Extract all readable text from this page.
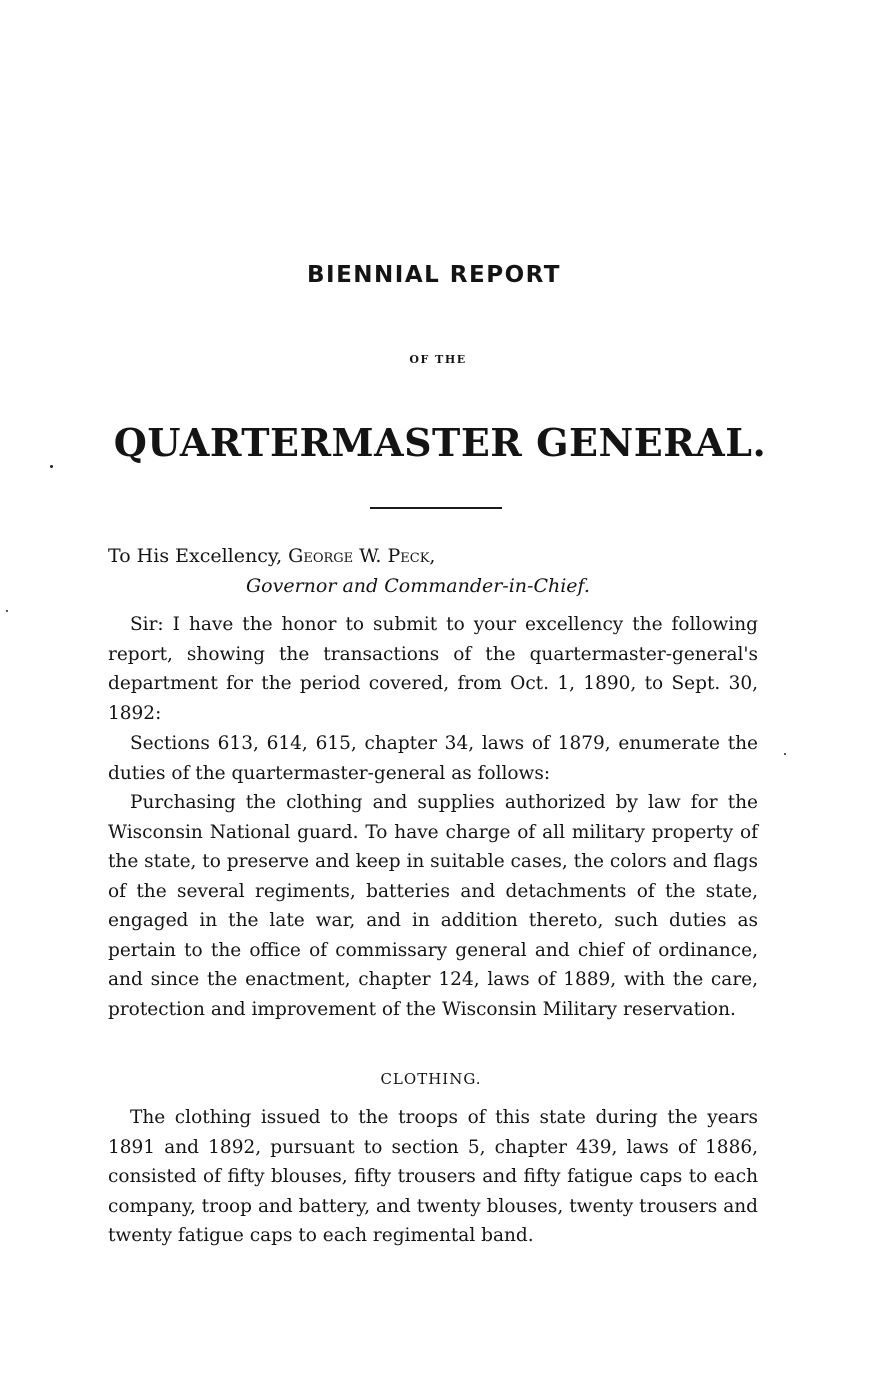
BIENNIAL REPORT
OF THE
QUARTERMASTER GENERAL.
To His Excellency, George W. Peck,
Governor and Commander-in-Chief.

Sir: I have the honor to submit to your excellency the following report, showing the transactions of the quartermaster-general's department for the period covered, from Oct. 1, 1890, to Sept. 30, 1892:

Sections 613, 614, 615, chapter 34, laws of 1879, enumerate the duties of the quartermaster-general as follows:

Purchasing the clothing and supplies authorized by law for the Wisconsin National guard. To have charge of all military property of the state, to preserve and keep in suitable cases, the colors and flags of the several regiments, batteries and detachments of the state, engaged in the late war, and in addition thereto, such duties as pertain to the office of commissary general and chief of ordinance, and since the enactment, chapter 124, laws of 1889, with the care, protection and improvement of the Wisconsin Military reservation.

CLOTHING.

The clothing issued to the troops of this state during the years 1891 and 1892, pursuant to section 5, chapter 439, laws of 1886, consisted of fifty blouses, fifty trousers and fifty fatigue caps to each company, troop and battery, and twenty blouses, twenty trousers and twenty fatigue caps to each regimental band.
